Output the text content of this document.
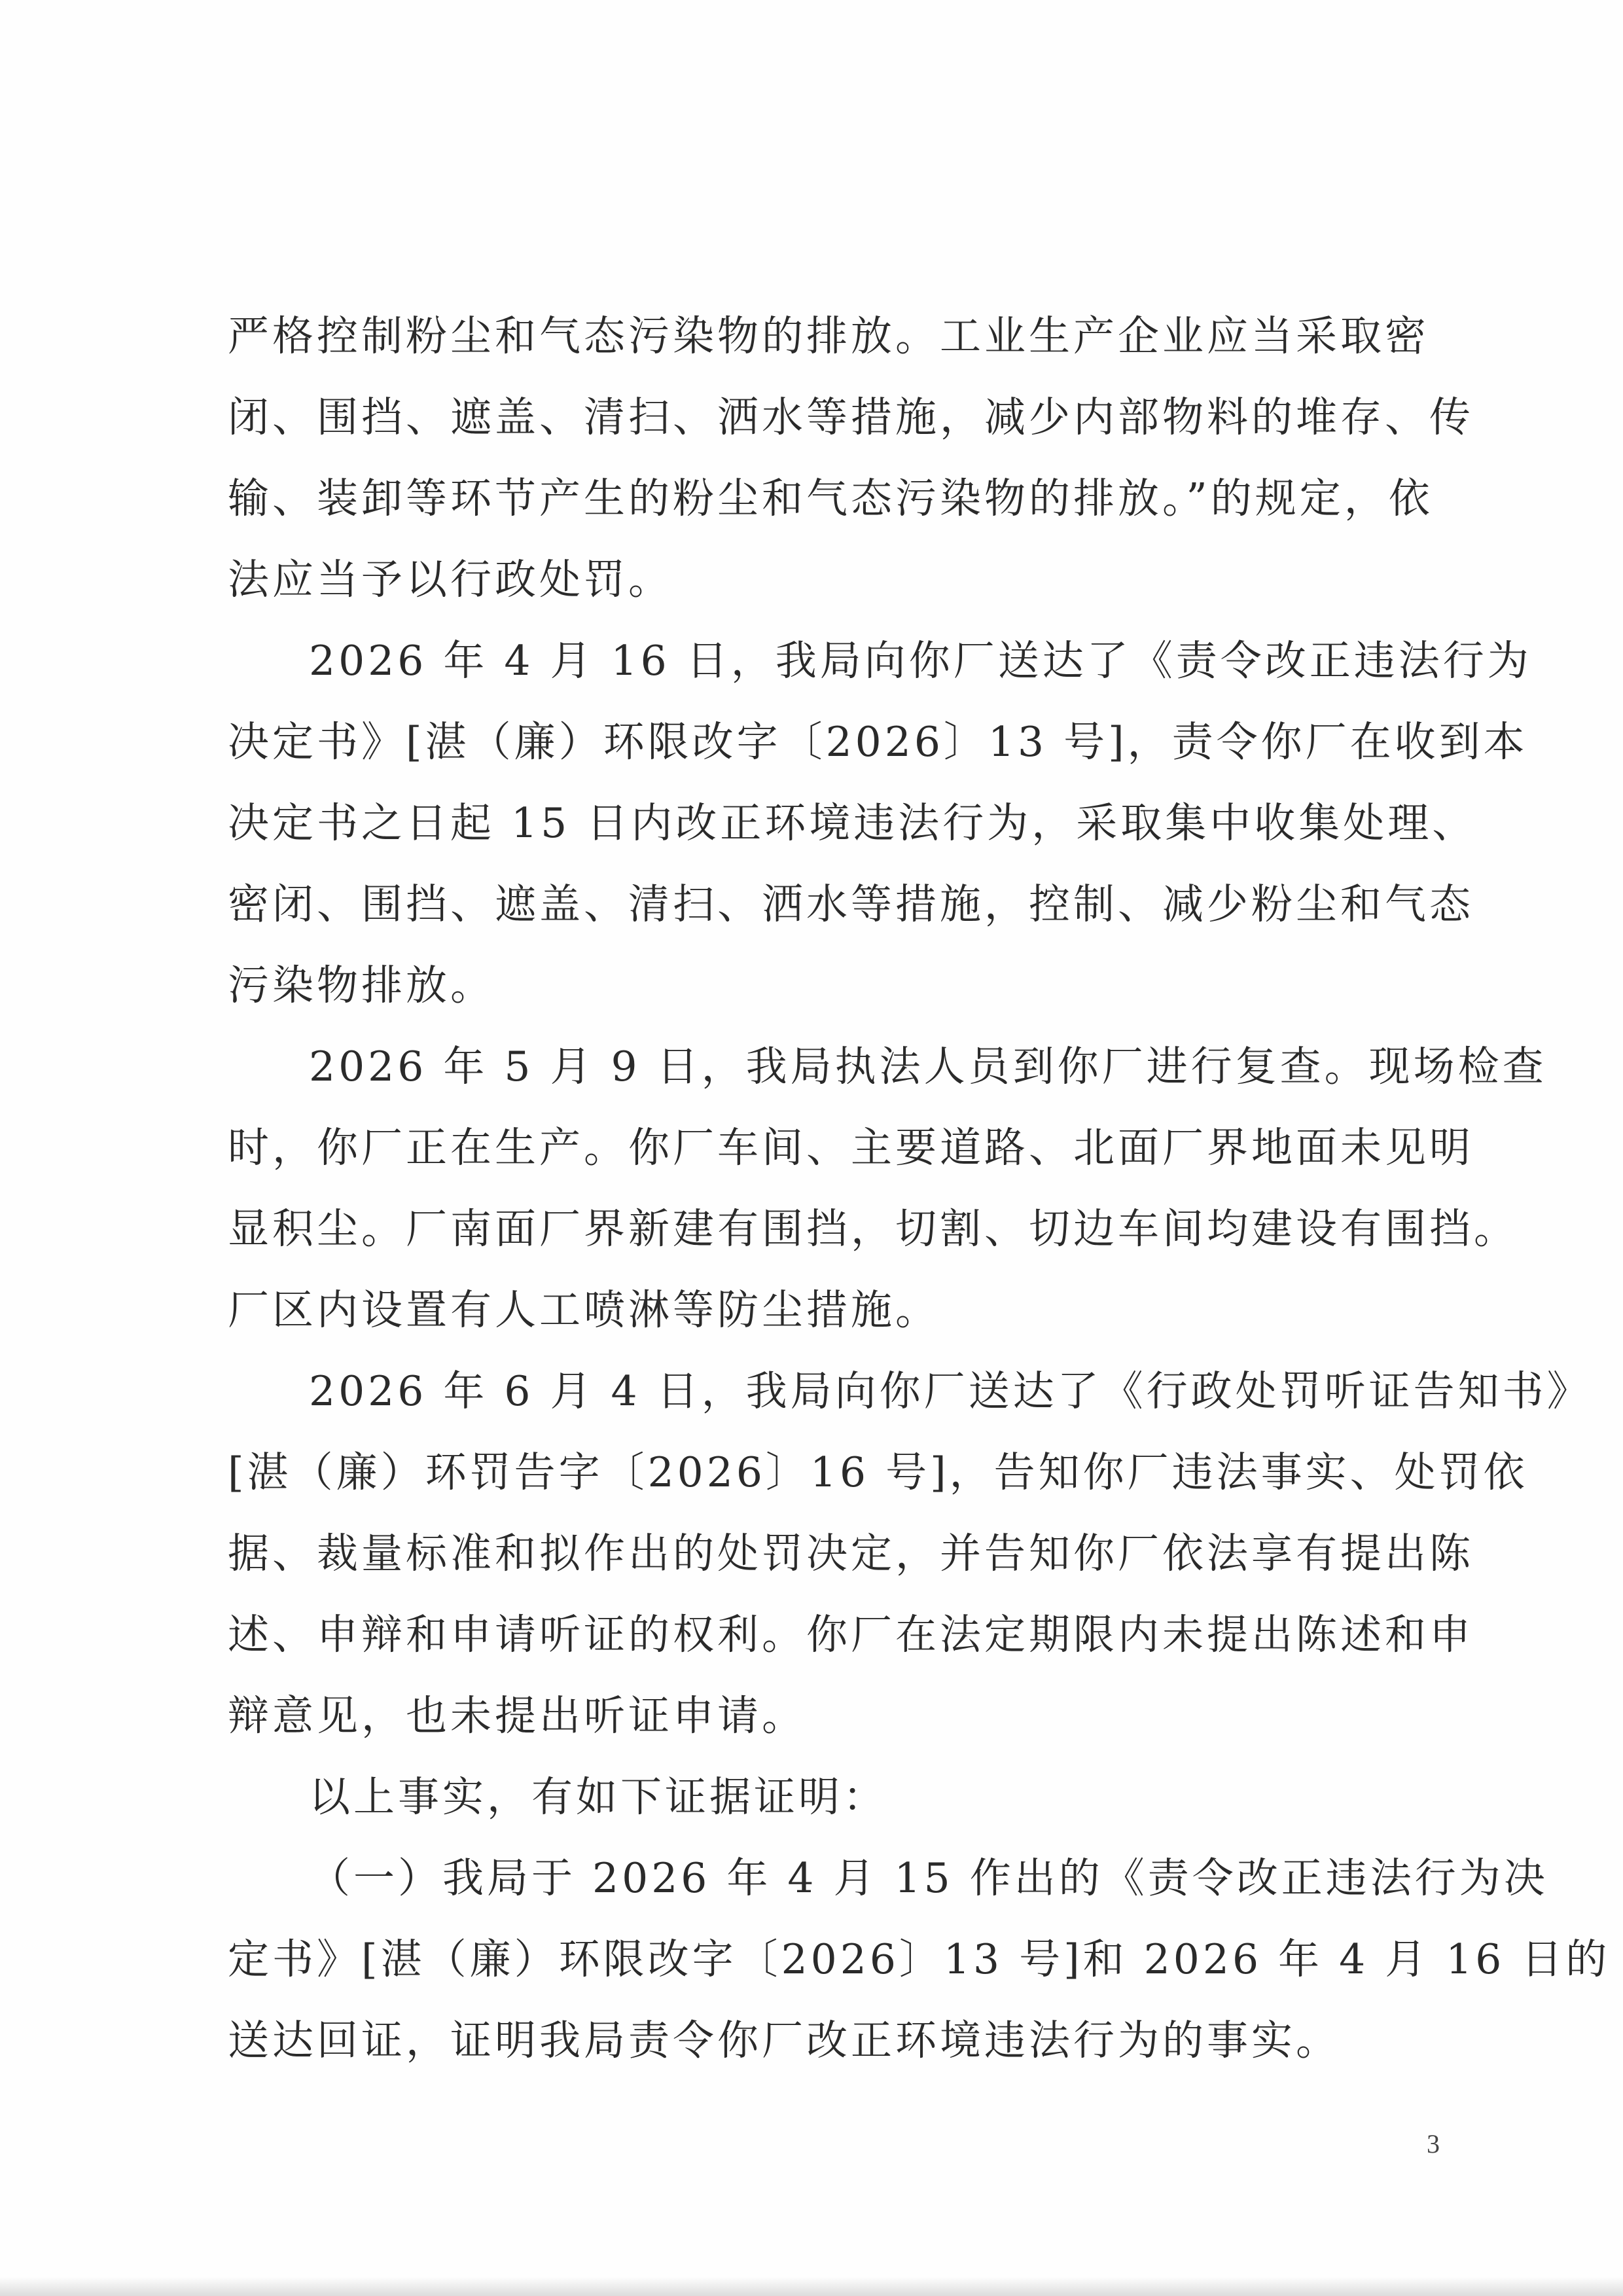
严格控制粉尘和气态污染物的排放。工业生产企业应当采取密
闭、围挡、遮盖、清扫、洒水等措施，减少内部物料的堆存、传
输、装卸等环节产生的粉尘和气态污染物的排放。”的规定，依
法应当予以行政处罚。
2026 年 4 月 16 日，我局向你厂送达了《责令改正违法行为
决定书》[湛（廉）环限改字〔2026〕13 号]，责令你厂在收到本
决定书之日起 15 日内改正环境违法行为，采取集中收集处理、
密闭、围挡、遮盖、清扫、洒水等措施，控制、减少粉尘和气态
污染物排放。
2026 年 5 月 9 日，我局执法人员到你厂进行复查。现场检查
时，你厂正在生产。你厂车间、主要道路、北面厂界地面未见明
显积尘。厂南面厂界新建有围挡，切割、切边车间均建设有围挡。
厂区内设置有人工喷淋等防尘措施。
2026 年 6 月 4 日，我局向你厂送达了《行政处罚听证告知书》
[湛（廉）环罚告字〔2026〕16 号]，告知你厂违法事实、处罚依
据、裁量标准和拟作出的处罚决定，并告知你厂依法享有提出陈
述、申辩和申请听证的权利。你厂在法定期限内未提出陈述和申
辩意见，也未提出听证申请。
以上事实，有如下证据证明：
（一）我局于 2026 年 4 月 15 作出的《责令改正违法行为决
定书》[湛（廉）环限改字〔2026〕13 号]和 2026 年 4 月 16 日的
送达回证，证明我局责令你厂改正环境违法行为的事实。
3
